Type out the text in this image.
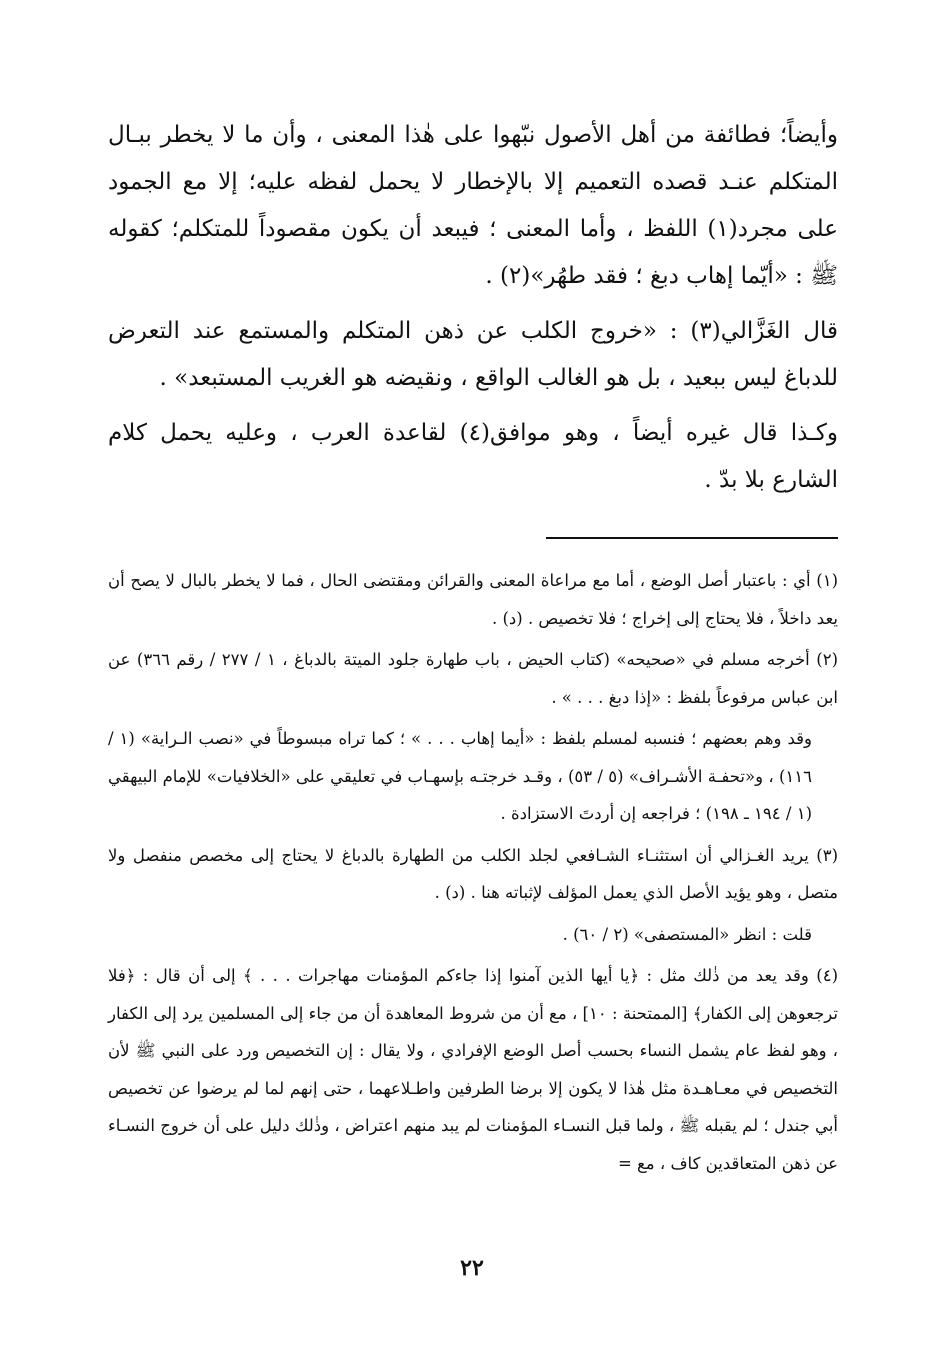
وأيضاً؛ فطائفة من أهل الأصول نبّهوا على هٰذا المعنى ، وأن ما لا يخطر ببـال المتكلم عنـد قصده التعميم إلا بالإخطار لا يحمل لفظه عليه؛ إلا مع الجمود على مجرد(١) اللفظ ، وأما المعنى ؛ فيبعد أن يكون مقصوداً للمتكلم؛ كقوله ﷺ : «أيّما إهاب دبغ ؛ فقد طهُر»(٢) .

قال الغَزَّالي(٣) : «خروج الكلب عن ذهن المتكلم والمستمع عند التعرض للدباغ ليس ببعيد ، بل هو الغالب الواقع ، ونقيضه هو الغريب المستبعد» .

وكـذا قال غيره أيضاً ، وهو موافق(٤) لقاعدة العرب ، وعليه يحمل كلام الشارع بلا بدّ .

(١) أي : باعتبار أصل الوضع ، أما مع مراعاة المعنى والقرائن ومقتضى الحال ، فما لا يخطر بالبال لا يصح أن يعد داخلاً ، فلا يحتاج إلى إخراج ؛ فلا تخصيص . (د) .

(٢) أخرجه مسلم في «صحيحه» (كتاب الحيض ، باب طهارة جلود الميتة بالدباغ ، ١ / ٢٧٧ / رقم ٣٦٦) عن ابن عباس مرفوعاً بلفظ : «إذا دبغ . . . » .

وقد وهم بعضهم ؛ فنسبه لمسلم بلفظ : «أيما إهاب . . . » ؛ كما تراه مبسوطاً في «نصب الـراية» (١ / ١١٦) ، و«تحفـة الأشـراف» (٥ / ٥٣) ، وقـد خرجتـه بإسهـاب في تعليقي على «الخلافيات» للإمام البيهقي (١ / ١٩٤ ـ ١٩٨) ؛ فراجعه إن أردتَ الاستزادة .

(٣) يريد الغـزالي أن استثنـاء الشـافعي لجلد الكلب من الطهارة بالدباغ لا يحتاج إلى مخصص منفصل ولا متصل ، وهو يؤيد الأصل الذي يعمل المؤلف لإثباته هنا . (د) .

قلت : انظر «المستصفى» (٢ / ٦٠) .

(٤) وقد يعد من ذٰلك مثل : ﴿يا أيها الذين آمنوا إذا جاءكم المؤمنات مهاجرات . . . ﴾ إلى أن قال : ﴿فلا ترجعوهن إلى الكفار﴾ [الممتحنة : ١٠] ، مع أن من شروط المعاهدة أن من جاء إلى المسلمين يرد إلى الكفار ، وهو لفظ عام يشمل النساء بحسب أصل الوضع الإفرادي ، ولا يقال : إن التخصيص ورد على النبي ﷺ لأن التخصيص في معـاهـدة مثل هٰذا لا يكون إلا برضا الطرفين واطـلاعهما ، حتى إنهم لما لم يرضوا عن تخصيص أبي جندل ؛ لم يقبله ﷺ ، ولما قبل النسـاء المؤمنات لم يبد منهم اعتراض ، وذٰلك دليل على أن خروج النسـاء عن ذهن المتعاقدين كاف ، مع =

٢٢
